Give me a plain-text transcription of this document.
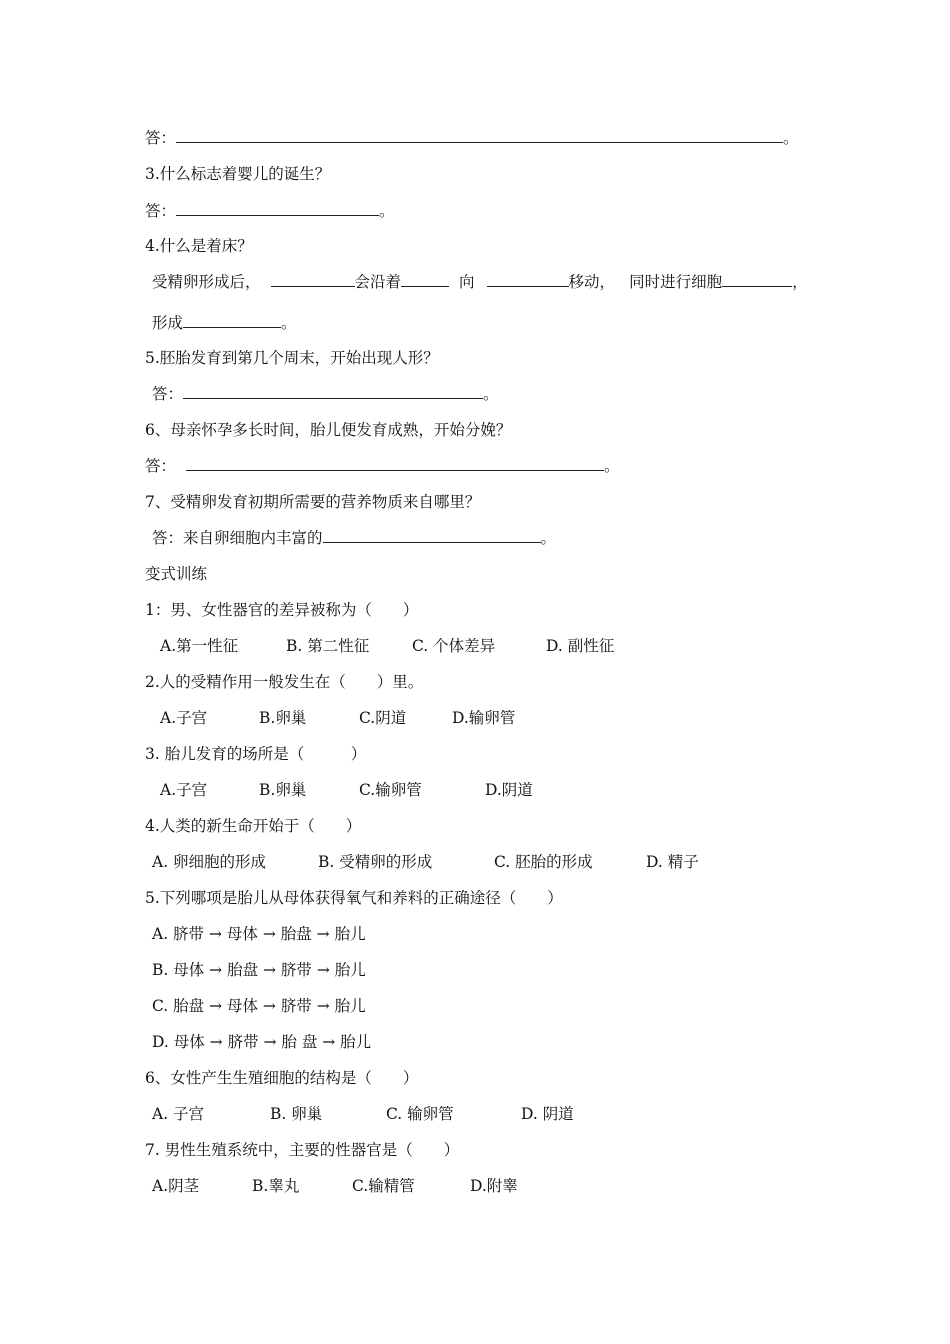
答：	。
3.什么标志着婴儿的诞生？
答：	。
4.什么是着床？
受精卵形成后，	会沿着	向	移动， 同时进行细胞	，
形成	。
5.胚胎发育到第几个周末，开始出现人形？
答：	。
6、母亲怀孕多长时间，胎儿便发育成熟，开始分娩？
答：	。
7、受精卵发育初期所需要的营养物质来自哪里？
答：来自卵细胞内丰富的	。
变式训练
1：男、女性器官的差异被称为（　　）
A.第一性征	B. 第二性征	C. 个体差异	D. 副性征
2.人的受精作用一般发生在（　　）里。
A.子宫	B.卵巢	C.阴道	D.输卵管
3. 胎儿发育的场所是（　　　）
A.子宫	B.卵巢	C.输卵管	D.阴道
4.人类的新生命开始于（　　）
A. 卵细胞的形成	B. 受精卵的形成	C. 胚胎的形成	D. 精子
5.下列哪项是胎儿从母体获得氧气和养料的正确途径（　　）
A. 脐带 → 母体 → 胎盘 → 胎儿
B. 母体 → 胎盘 → 脐带 → 胎儿
C. 胎盘 → 母体 → 脐带 → 胎儿
D. 母体 → 脐带 → 胎 盘 → 胎儿
6、女性产生生殖细胞的结构是（　　）
A. 子宫	B. 卵巢	C. 输卵管	D. 阴道
7. 男性生殖系统中，主要的性器官是（　　）
A.阴茎	B.睾丸	C.输精管	D.附睾
